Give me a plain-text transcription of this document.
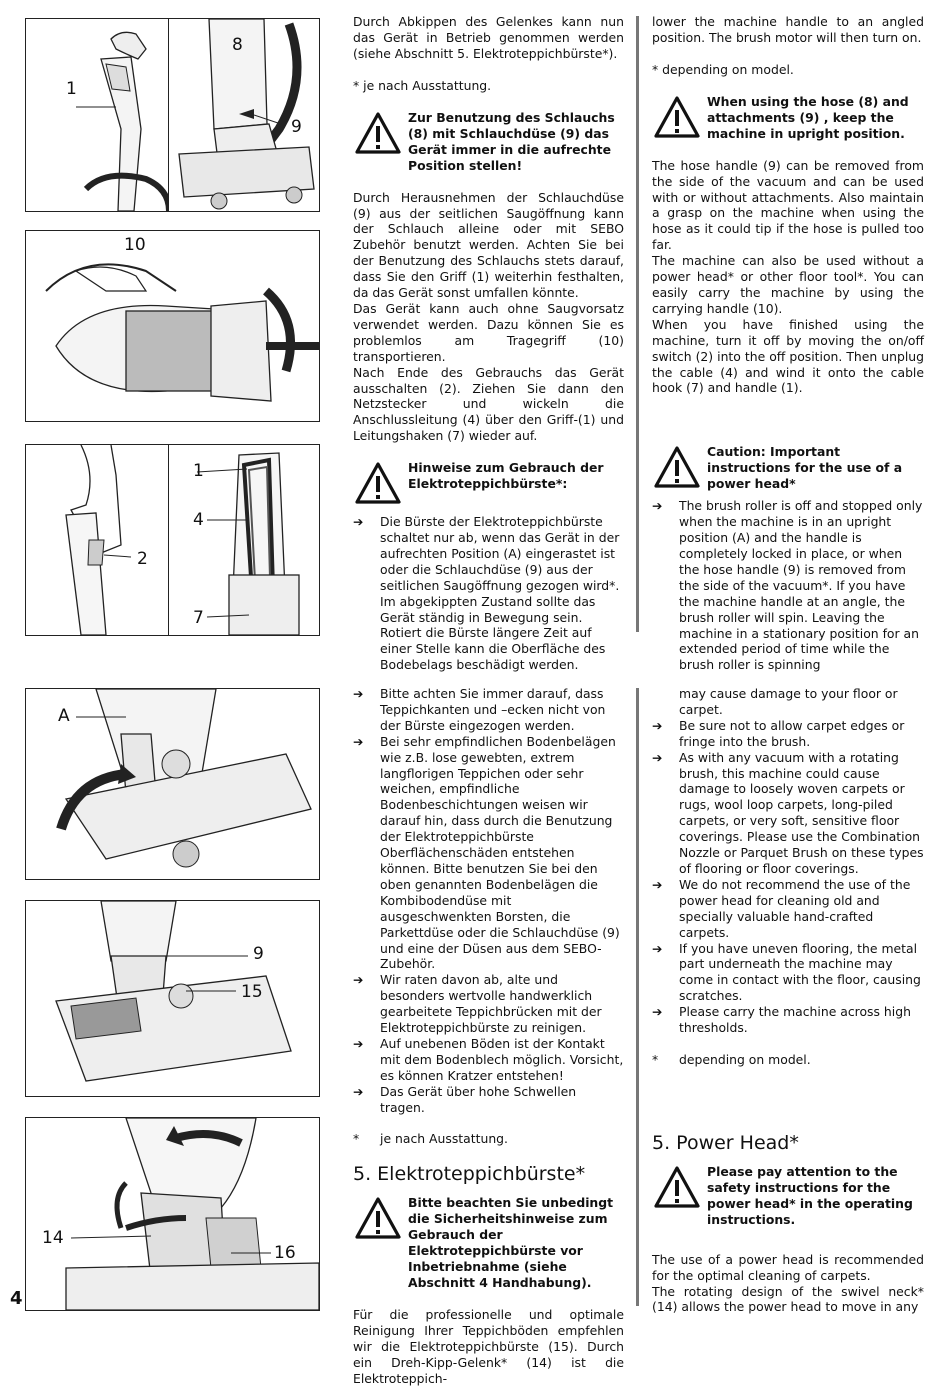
1
8
9
10
2
1
4
7
A
9
15
14
16
4

Durch Abkippen des Gelenkes kann nun das Gerät in Betrieb genommen werden (siehe Abschnitt 5. Elektroteppichbürste*).

* je nach Ausstattung.

Zur Benutzung des Schlauchs (8) mit Schlauchdüse (9) das Gerät immer in die aufrechte Position stellen!

Durch Herausnehmen der Schlauchdüse (9) aus der seitlichen Saugöffnung kann der Schlauch alleine oder mit SEBO Zubehör benutzt werden. Achten Sie bei der Benutzung des Schlauchs stets darauf, dass Sie den Griff (1) weiterhin festhalten, da das Gerät sonst umfallen könnte.

Das Gerät kann auch ohne Saugvorsatz verwendet werden. Dazu können Sie es problemlos am Tragegriff (10) transportieren.

Nach Ende des Gebrauchs das Gerät ausschalten (2). Ziehen Sie dann den Netzstecker und wickeln die Anschlussleitung (4) über den Griff-(1) und Leitungshaken (7) wieder auf.

Hinweise zum Gebrauch der Elektroteppichbürste*:
➔ Die Bürste der Elektroteppichbürste schaltet nur ab, wenn das Gerät in der aufrechten Position (A) eingerastet ist oder die Schlauchdüse (9) aus der seitlichen Saugöffnung gezogen wird*. Im abgekippten Zustand sollte das Gerät ständig in Bewegung sein. Rotiert die Bürste längere Zeit auf einer Stelle kann die Oberfläche des Bodebelags beschädigt werden.

lower the machine handle to an angled position. The brush motor will then turn on.

* depending on model.

When using the hose (8) and attachments (9) , keep the machine in upright position.

The hose handle (9) can be removed from the side of the vacuum and can be used with or without attachments. Also maintain a grasp on the machine when using the hose as it could tip if the hose is pulled too far.

The machine can also be used without a power head* or other floor tool*. You can easily carry the machine by using the carrying handle (10).

When you have finished using the machine, turn it off by moving the on/off switch (2) into the off position. Then unplug the cable (4) and wind it onto the cable hook (7) and handle (1).

Caution: Important instructions for the use of a power head*
➔ The brush roller is off and stopped only when the machine is in an upright position (A) and the handle is completely locked in place, or when the hose handle (9) is removed from the side of the vacuum*. If you have the machine handle at an angle, the brush roller will spin. Leaving the machine in a stationary position for an extended period of time while the brush roller is spinning
➔ Bitte achten Sie immer darauf, dass Teppichkanten und –ecken nicht von der Bürste eingezogen werden.
➔ Bei sehr empfindlichen Bodenbelägen wie z.B. lose gewebten, extrem langflorigen Teppichen oder sehr weichen, empfindliche Bodenbeschichtungen weisen wir darauf hin, dass durch die Benutzung der Elektroteppichbürste Oberflächenschäden entstehen können. Bitte benutzen Sie bei den oben genannten Bodenbelägen die Kombibodendüse mit ausgeschwenkten Borsten, die Parkettdüse oder die Schlauchdüse (9) und eine der Düsen aus dem SEBO-Zubehör.
➔ Wir raten davon ab, alte und besonders wertvolle handwerklich gearbeitete Teppichbrücken mit der Elektroteppichbürste zu reinigen.
➔ Auf unebenen Böden ist der Kontakt mit dem Bodenblech möglich. Vorsicht, es können Kratzer entstehen!
➔ Das Gerät über hohe Schwellen tragen.
* je nach Ausstattung.
5. Elektroteppichbürste*
Bitte beachten Sie unbedingt die Sicherheitshinweise zum Gebrauch der Elektroteppichbürste vor Inbetriebnahme (siehe Abschnitt 4 Handhabung).

Für die professionelle und optimale Reinigung Ihrer Teppichböden empfehlen wir die Elektroteppichbürste (15). Durch ein Dreh-Kipp-Gelenk* (14) ist die Elektroteppich-

may cause damage to your floor or carpet.
➔ Be sure not to allow carpet edges or fringe into the brush.
➔ As with any vacuum with a rotating brush, this machine could cause damage to loosely woven carpets or rugs, wool loop carpets, long-piled carpets, or very soft, sensitive floor coverings. Please use the Combination Nozzle or Parquet Brush on these types of flooring or floor coverings.
➔ We do not recommend the use of the power head for cleaning old and specially valuable hand-crafted carpets.
➔ If you have uneven flooring, the metal part underneath the machine may come in contact with the floor, causing scratches.
➔ Please carry the machine across high thresholds.
* depending on model.
5. Power Head*
Please pay attention to the safety instructions for the power head* in the operating instructions.

The use of a power head is recommended for the optimal cleaning of carpets.

The rotating design of the swivel neck* (14) allows the power head to move in any
